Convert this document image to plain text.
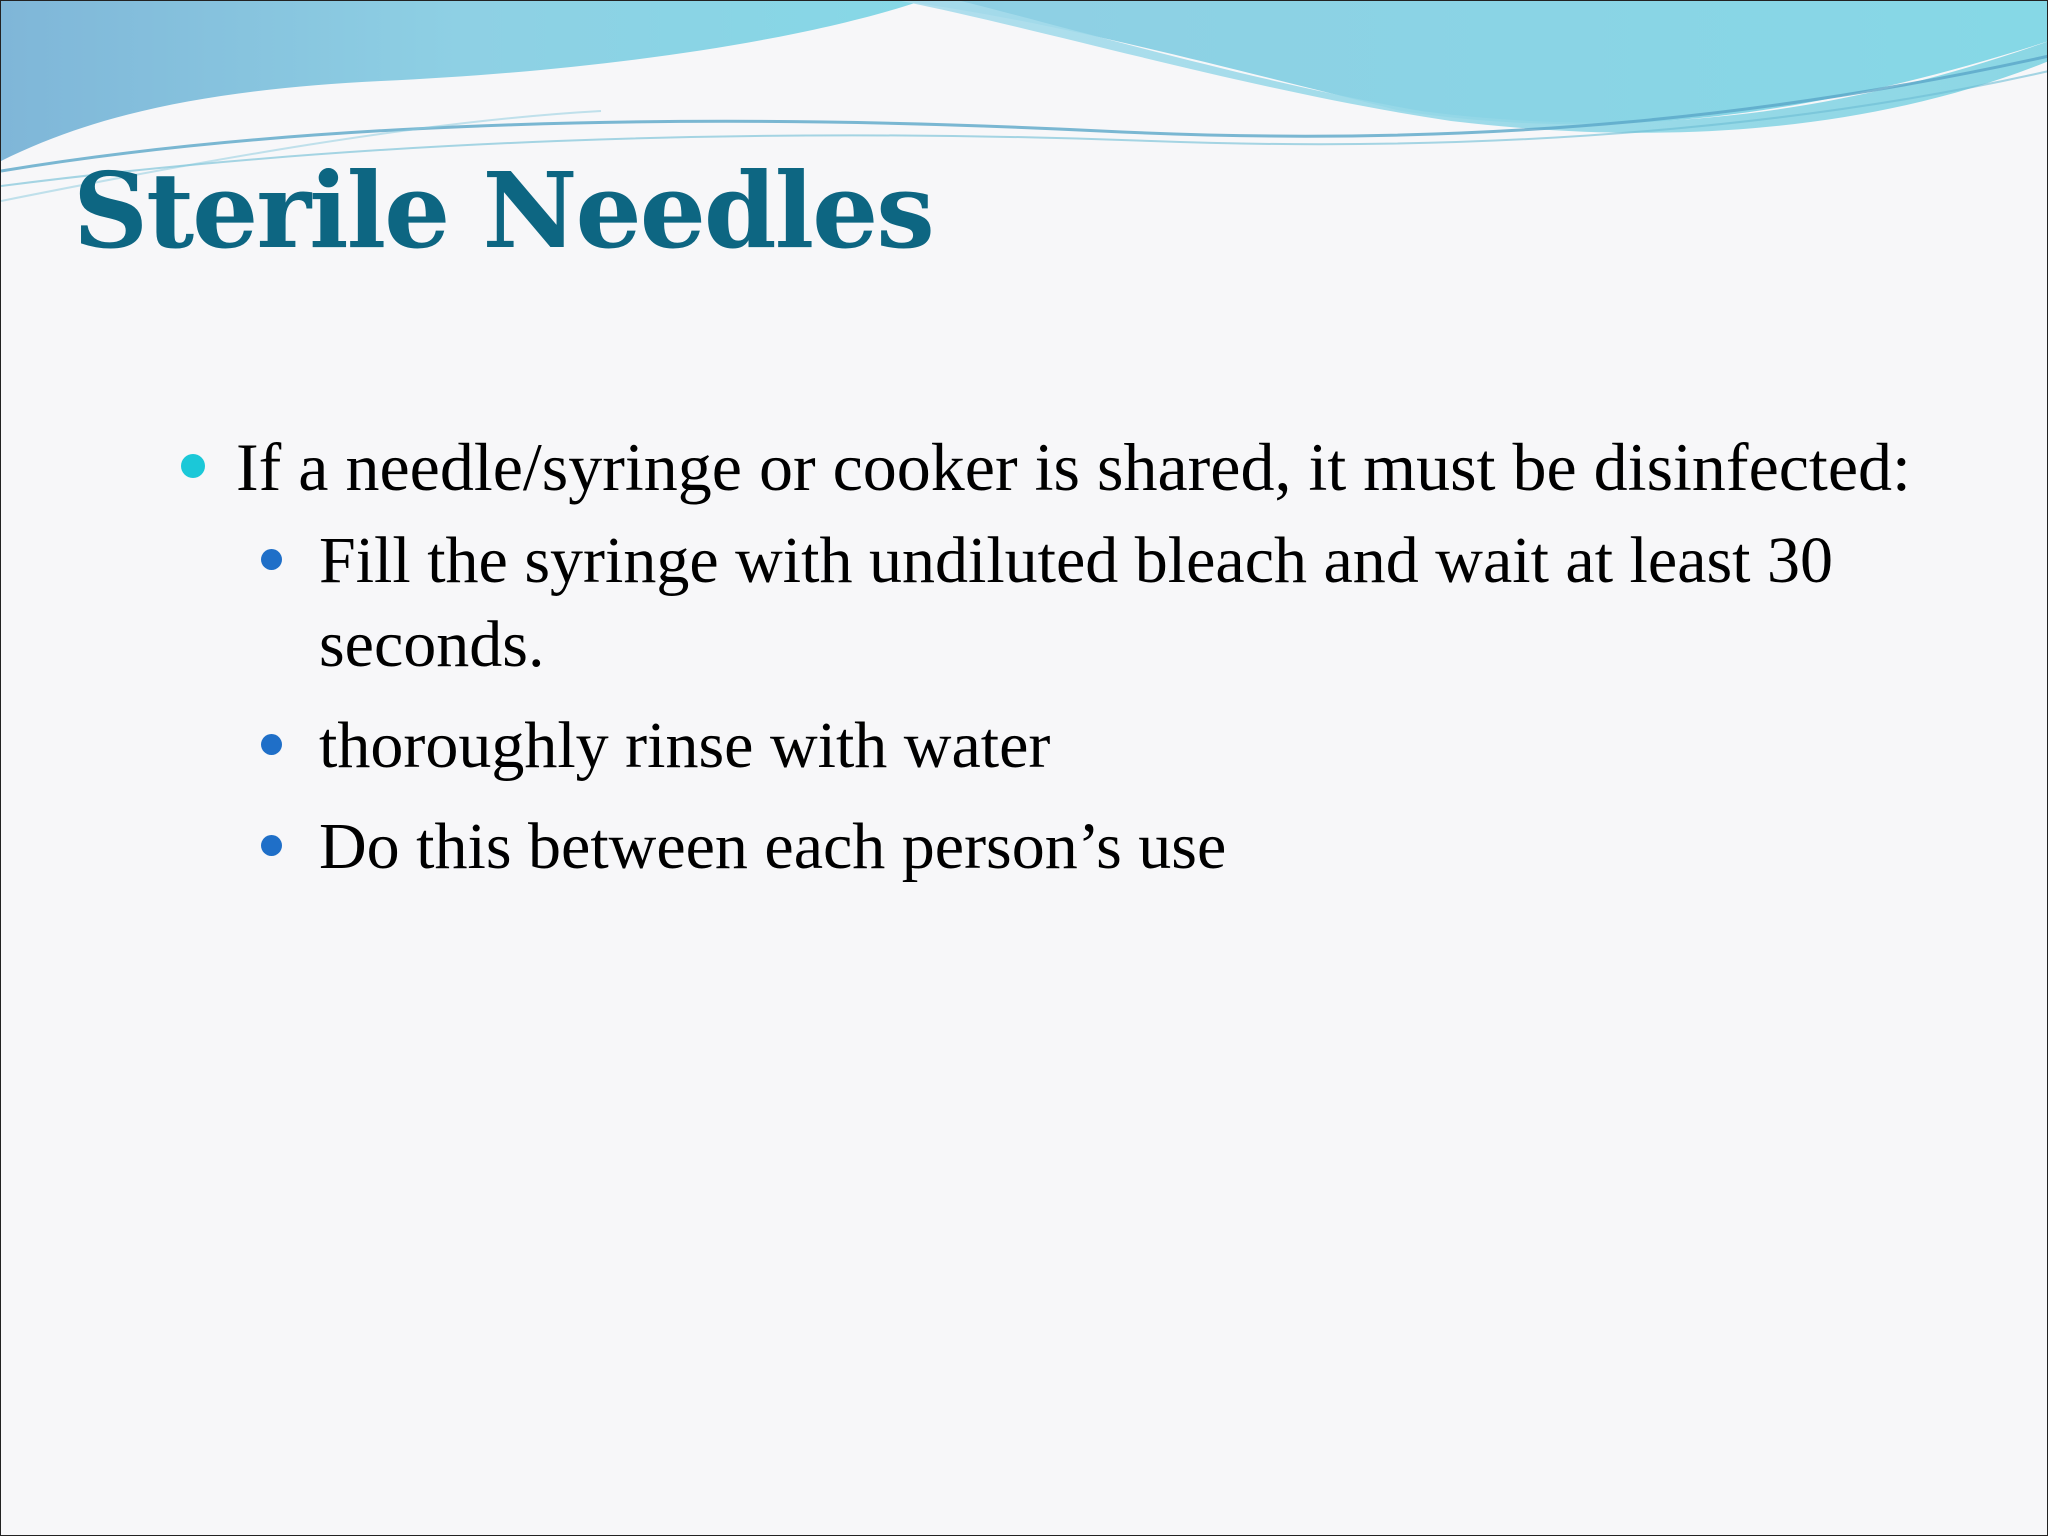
Sterile Needles
If a needle/syringe or cooker is shared, it must be disinfected:
Fill the syringe with undiluted bleach and wait at least 30 seconds.
thoroughly rinse with water
Do this between each person’s use
